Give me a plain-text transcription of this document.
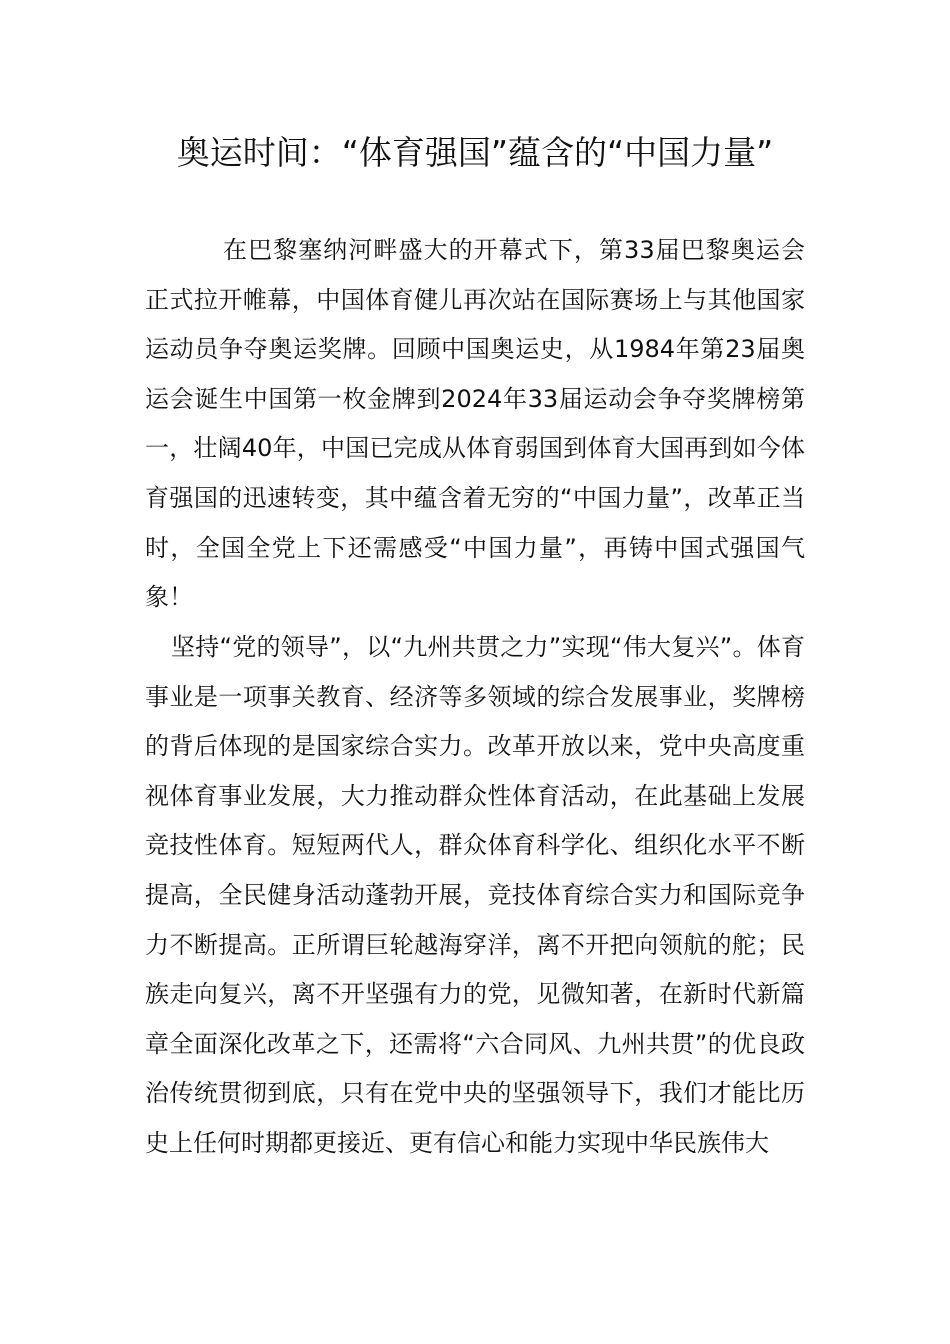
奥运时间：“体育强国”蕴含的“中国力量”

在巴黎塞纳河畔盛大的开幕式下，第33届巴黎奥运会正式拉开帷幕，中国体育健儿再次站在国际赛场上与其他国家运动员争夺奥运奖牌。回顾中国奥运史，从1984年第23届奥运会诞生中国第一枚金牌到2024年33届运动会争夺奖牌榜第一，壮阔40年，中国已完成从体育弱国到体育大国再到如今体育强国的迅速转变，其中蕴含着无穷的“中国力量”，改革正当时，全国全党上下还需感受“中国力量”，再铸中国式强国气象！

坚持“党的领导”，以“九州共贯之力”实现“伟大复兴”。体育事业是一项事关教育、经济等多领域的综合发展事业，奖牌榜的背后体现的是国家综合实力。改革开放以来，党中央高度重视体育事业发展，大力推动群众性体育活动，在此基础上发展竞技性体育。短短两代人，群众体育科学化、组织化水平不断提高，全民健身活动蓬勃开展，竞技体育综合实力和国际竞争力不断提高。正所谓巨轮越海穿洋，离不开把向领航的舵；民族走向复兴，离不开坚强有力的党，见微知著，在新时代新篇章全面深化改革之下，还需将“六合同风、九州共贯”的优良政治传统贯彻到底，只有在党中央的坚强领导下，我们才能比历史上任何时期都更接近、更有信心和能力实现中华民族伟大
